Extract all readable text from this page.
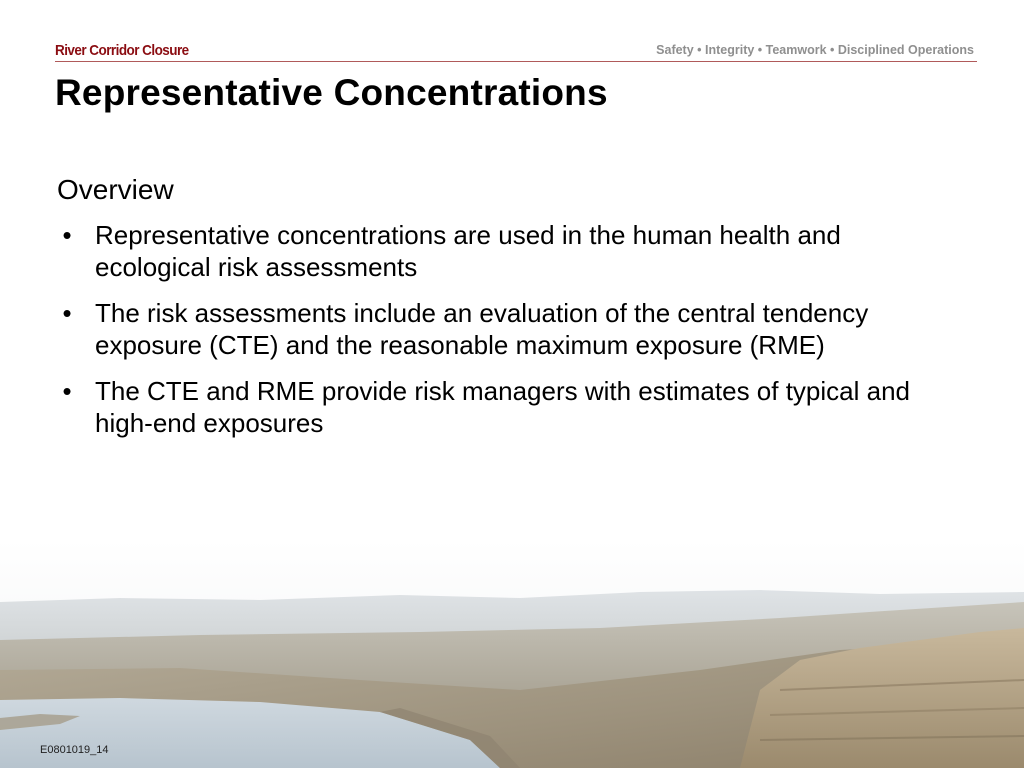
River Corridor Closure	Safety • Integrity • Teamwork • Disciplined Operations
Representative Concentrations
Overview
• Representative concentrations are used in the human health and ecological risk assessments
• The risk assessments include an evaluation of the central tendency exposure (CTE) and the reasonable maximum exposure (RME)
• The CTE and RME provide risk managers with estimates of typical and high-end exposures
E0801019_14
